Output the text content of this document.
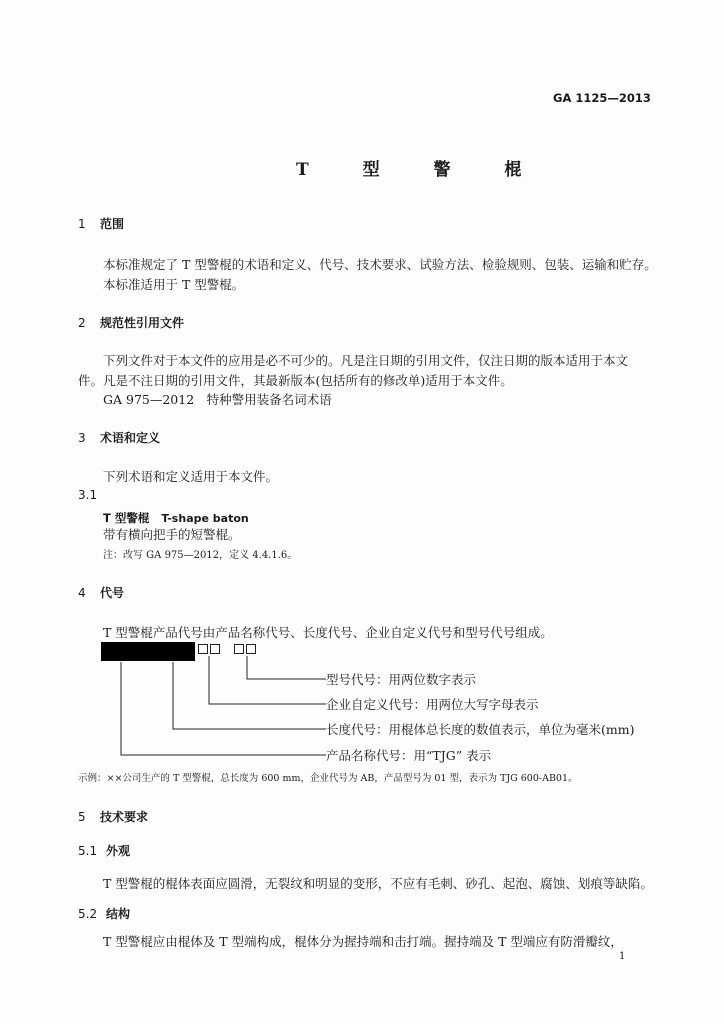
GA 1125—2013
T 型 警 棍
1 范围
本标准规定了 T 型警棍的术语和定义、代号、技术要求、试验方法、检验规则、包装、运输和贮存。
本标准适用于 T 型警棍。
2 规范性引用文件
下列文件对于本文件的应用是必不可少的。凡是注日期的引用文件，仅注日期的版本适用于本文
件。凡是不注日期的引用文件，其最新版本(包括所有的修改单)适用于本文件。
GA 975—2012　特种警用装备名词术语
3 术语和定义
下列术语和定义适用于本文件。
3.1
T 型警棍 T-shape baton
带有横向把手的短警棍。
注：改写 GA 975—2012，定义 4.4.1.6。
4 代号
T 型警棍产品代号由产品名称代号、长度代号、企业自定义代号和型号代号组成。
型号代号：用两位数字表示
企业自定义代号：用两位大写字母表示
长度代号：用棍体总长度的数值表示，单位为毫米(mm)
产品名称代号：用“TJG” 表示
示例：××公司生产的 T 型警棍，总长度为 600 mm，企业代号为 AB，产品型号为 01 型，表示为 TJG 600-AB01。
5 技术要求
5.1 外观
T 型警棍的棍体表面应圆滑，无裂纹和明显的变形，不应有毛刺、砂孔、起泡、腐蚀、划痕等缺陷。
5.2 结构
T 型警棍应由棍体及 T 型端构成，棍体分为握持端和击打端。握持端及 T 型端应有防滑瓣纹，
1
